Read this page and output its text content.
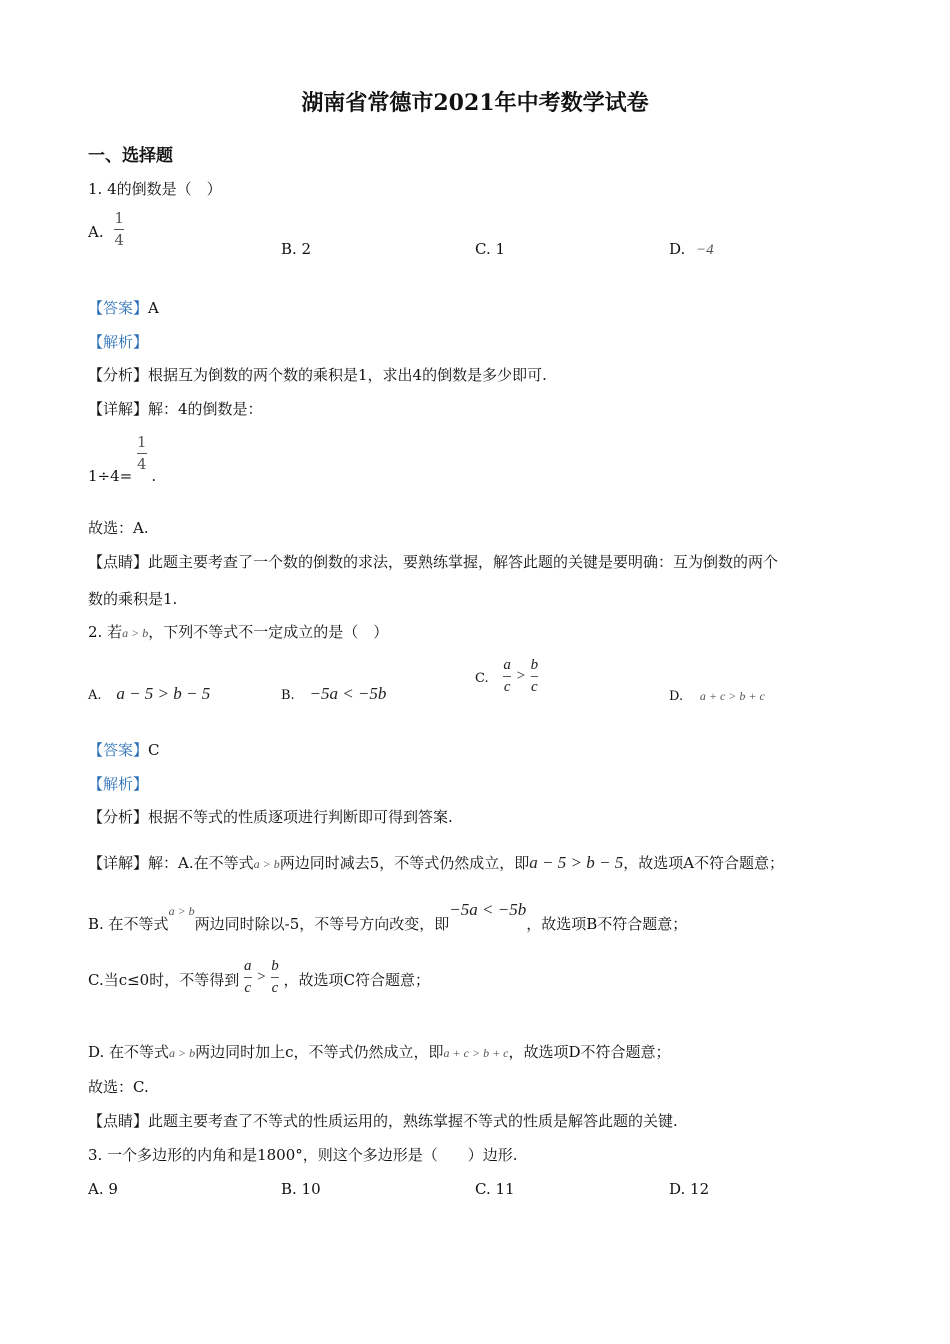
湖南省常德市2021年中考数学试卷
一、选择题
1. 4的倒数是（　）
A. $\frac{1}{4}$
B. 2	C. 1	D. −4
【答案】A
【解析】
【分析】根据互为倒数的两个数的乘积是1，求出4的倒数是多少即可.
【详解】解：4的倒数是：
1÷4=
$\frac{1}{4}$
.
故选：A.
【点睛】此题主要考查了一个数的倒数的求法，要熟练掌握，解答此题的关键是要明确：互为倒数的两个
数的乘积是1.
2. 若a > b，下列不等式不一定成立的是（　）
A. a − 5 > b − 5	B. −5a < −5b
C. $\frac{a}{c} > \frac{b}{c}$
D. a + c > b + c
【答案】C
【解析】
【分析】根据不等式的性质逐项进行判断即可得到答案.
【详解】解：A.在不等式a > b两边同时减去5，不等式仍然成立，即a − 5 > b − 5，故选项A不符合题意；
B. 在不等式a > b两边同时除以-5，不等号方向改变，即−5a < −5b，故选项B不符合题意；
C.当c≤0时，不等得到 $\frac{a}{c} > \frac{b}{c}$ ，故选项C符合题意；
D. 在不等式a > b两边同时加上c，不等式仍然成立，即a + c > b + c，故选项D不符合题意；
故选：C.
【点睛】此题主要考查了不等式的性质运用的，熟练掌握不等式的性质是解答此题的关键.
3. 一个多边形的内角和是1800°，则这个多边形是（　　）边形.
A. 9	B. 10	C. 11	D. 12
